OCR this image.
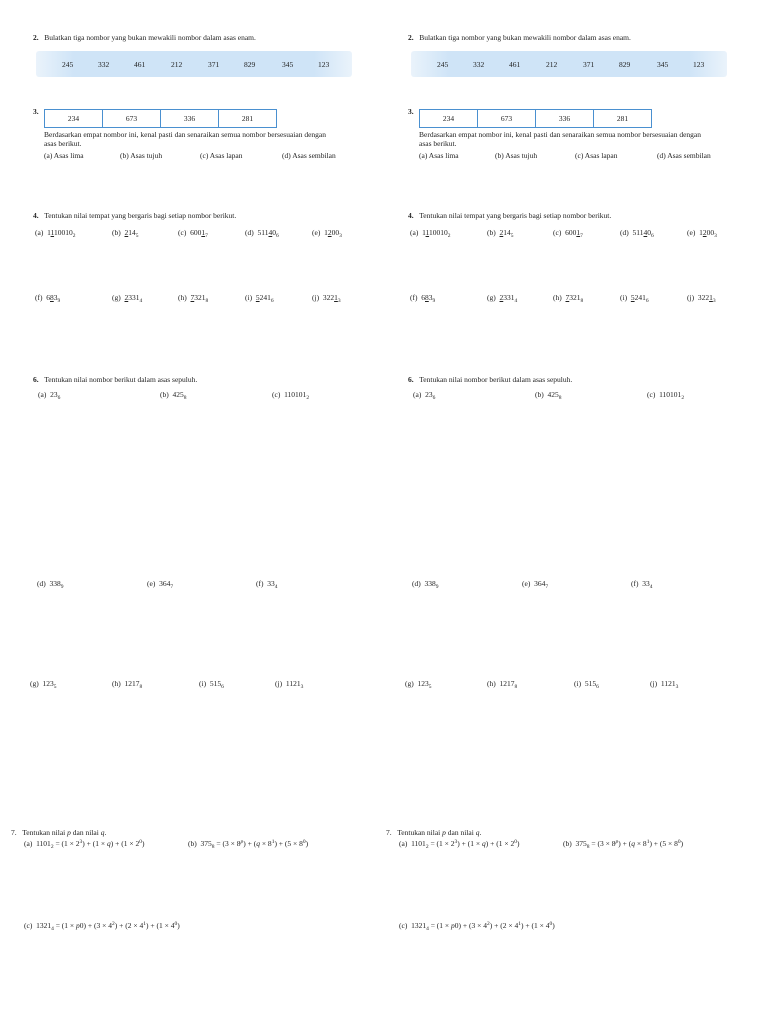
2. Bulatkan tiga nombor yang bukan mewakili nombor dalam asas enam.
245	332	461	212	371	829	345	123
3.
234	673	336	281
Berdasarkan empat nombor ini, kenal pasti dan senaraikan semua nombor bersesuaian dengan
asas berikut.
(a) Asas lima	(b) Asas tujuh	(c) Asas lapan	(d) Asas sembilan
4. Tentukan nilai tempat yang bergaris bagi setiap nombor berikut.
(a) $1110010_2$	(b) $214_5$	(c) $6001_7$	(d) $51140_6$	(e) $1200_3$
(f) $683_9$	(g) $2331_4$	(h) $7321_8$	(i) $5241_6$	(j) $3221_3$
6. Tentukan nilai nombor berikut dalam asas sepuluh.
(a) $23_6$	(b) $425_8$	(c) $110101_2$
(d) $338_9$	(e) $364_7$	(f) $33_4$
(g) $123_5$	(h) $1217_8$	(i) $515_6$	(j) $1121_3$
7. Tentukan nilai p dan nilai q.
(a)  $1101_2 = (1 \times 2^3) + (1 \times q) + (1 \times 2^0)$	(b)  $375_8 = (3 \times 8^p) + (q \times 8^1) + (5 \times 8^0)$
(c)  $1321_4 = (1 \times p0) + (3 \times 4^2) + (2 \times 4^1) + (1 \times 4^0)$
2. Bulatkan tiga nombor yang bukan mewakili nombor dalam asas enam.
245	332	461	212	371	829	345	123
3.
234	673	336	281
Berdasarkan empat nombor ini, kenal pasti dan senaraikan semua nombor bersesuaian dengan
asas berikut.
(a) Asas lima	(b) Asas tujuh	(c) Asas lapan	(d) Asas sembilan
4. Tentukan nilai tempat yang bergaris bagi setiap nombor berikut.
(a) $1110010_2$	(b) $214_5$	(c) $6001_7$	(d) $51140_6$	(e) $1200_3$
(f) $683_9$	(g) $2331_4$	(h) $7321_8$	(i) $5241_6$	(j) $3221_3$
6. Tentukan nilai nombor berikut dalam asas sepuluh.
(a) $23_6$	(b) $425_8$	(c) $110101_2$
(d) $338_9$	(e) $364_7$	(f) $33_4$
(g) $123_5$	(h) $1217_8$	(i) $515_6$	(j) $1121_3$
7. Tentukan nilai p dan nilai q.
(a)  $1101_2 = (1 \times 2^3) + (1 \times q) + (1 \times 2^0)$	(b)  $375_8 = (3 \times 8^p) + (q \times 8^1) + (5 \times 8^0)$
(c)  $1321_4 = (1 \times p0) + (3 \times 4^2) + (2 \times 4^1) + (1 \times 4^0)$
